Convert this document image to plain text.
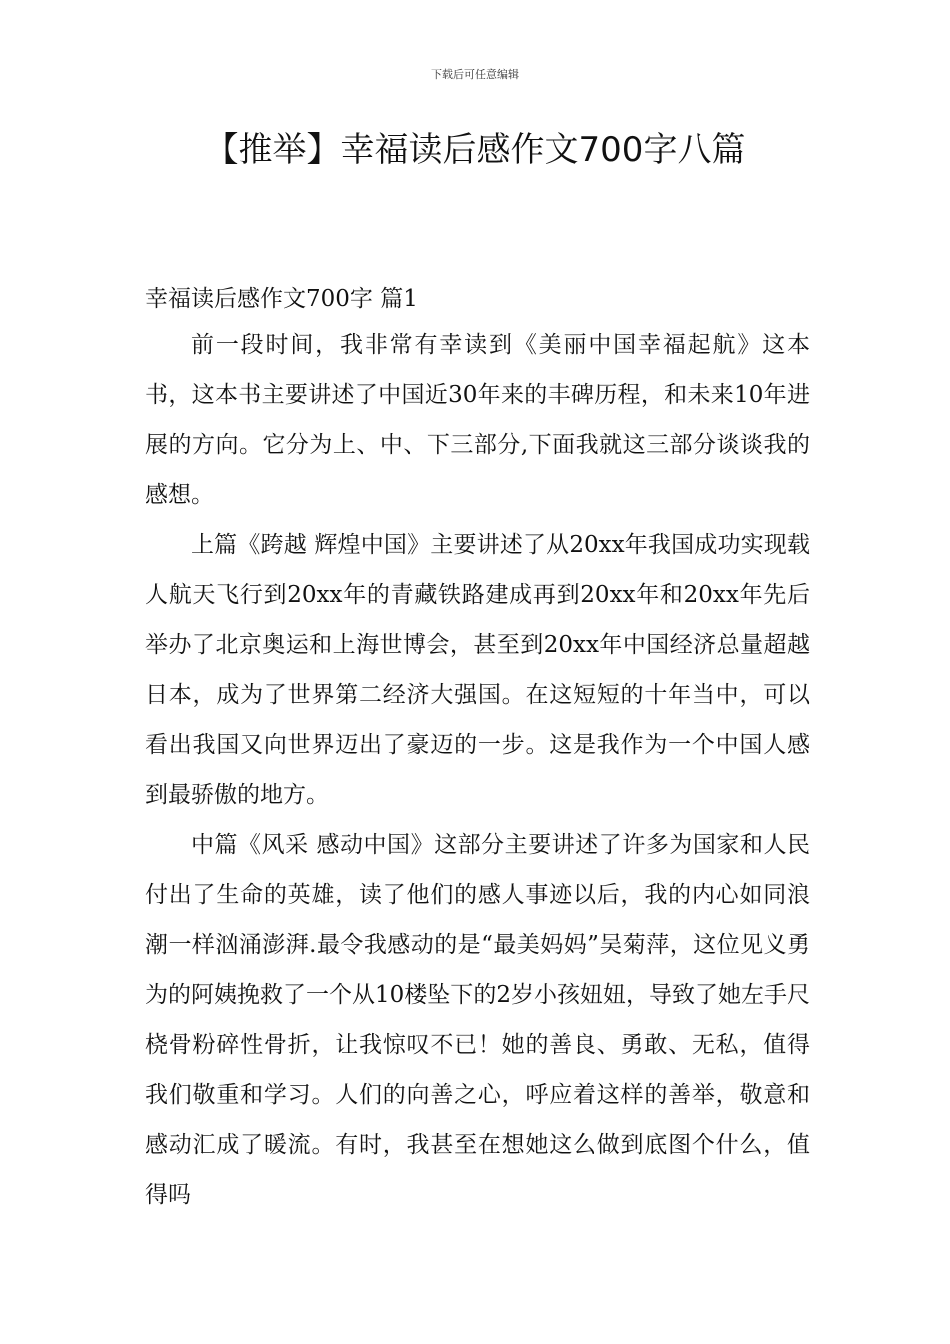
下载后可任意编辑
【推举】幸福读后感作文700字八篇

幸福读后感作文700字 篇1

前一段时间，我非常有幸读到《美丽中国幸福起航》这本书，这本书主要讲述了中国近30年来的丰碑历程，和未来10年进展的方向。它分为上、中、下三部分,下面我就这三部分谈谈我的感想。

上篇《跨越 辉煌中国》主要讲述了从20xx年我国成功实现载人航天飞行到20xx年的青藏铁路建成再到20xx年和20xx年先后举办了北京奥运和上海世博会，甚至到20xx年中国经济总量超越日本，成为了世界第二经济大强国。在这短短的十年当中，可以看出我国又向世界迈出了豪迈的一步。这是我作为一个中国人感到最骄傲的地方。

中篇《风采 感动中国》这部分主要讲述了许多为国家和人民付出了生命的英雄，读了他们的感人事迹以后，我的内心如同浪潮一样汹涌澎湃.最令我感动的是“最美妈妈”吴菊萍，这位见义勇为的阿姨挽救了一个从10楼坠下的2岁小孩妞妞，导致了她左手尺桡骨粉碎性骨折，让我惊叹不已！她的善良、勇敢、无私，值得我们敬重和学习。人们的向善之心，呼应着这样的善举，敬意和感动汇成了暖流。有时，我甚至在想她这么做到底图个什么，值得吗
